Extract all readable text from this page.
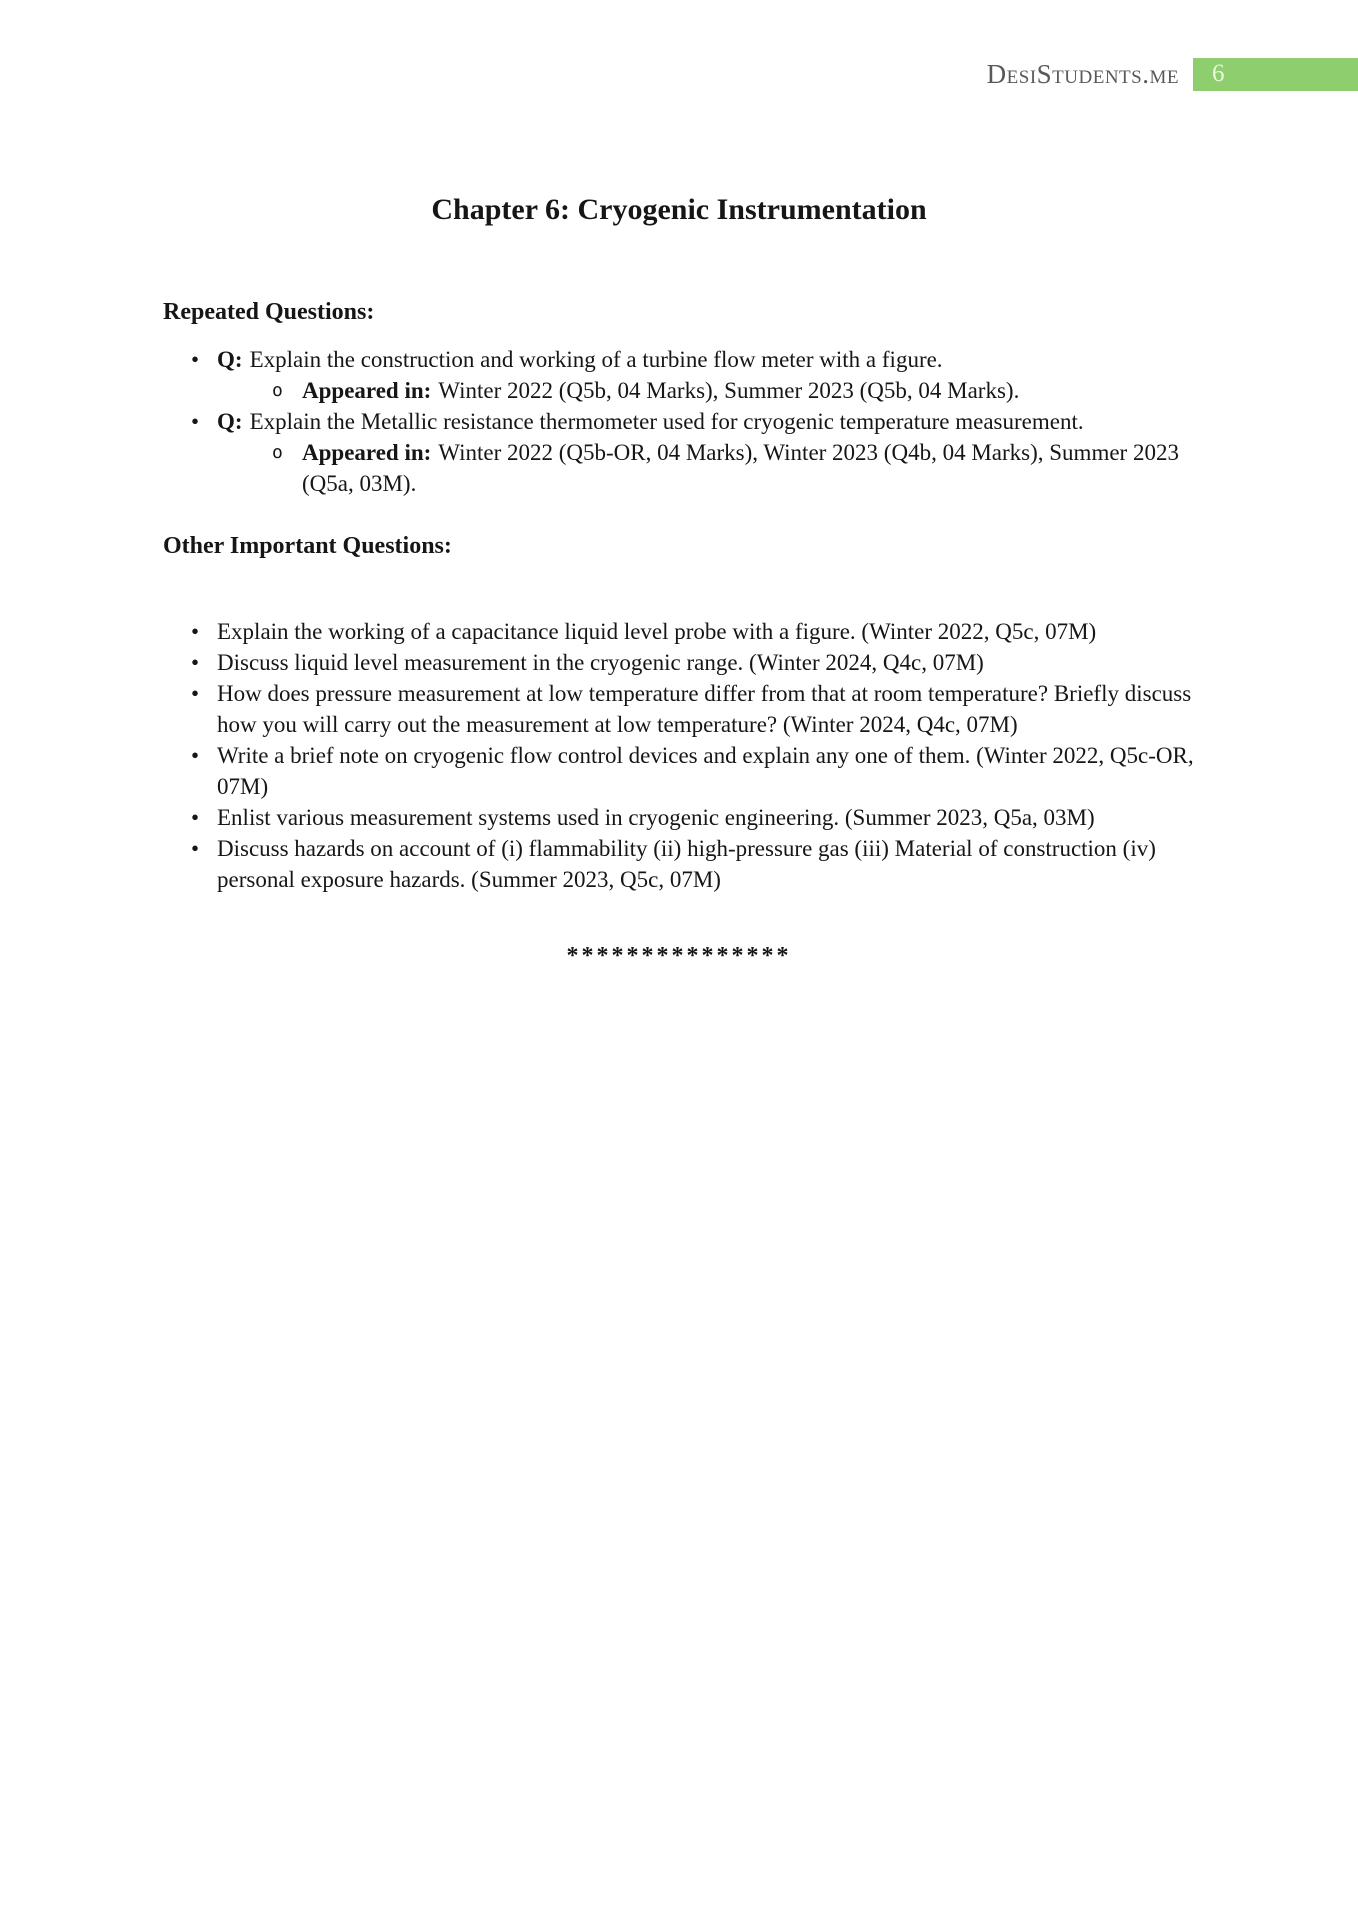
DesiStudents.me 6
Chapter 6: Cryogenic Instrumentation
Repeated Questions:
• Q: Explain the construction and working of a turbine flow meter with a figure.
o Appeared in: Winter 2022 (Q5b, 04 Marks), Summer 2023 (Q5b, 04 Marks).
• Q: Explain the Metallic resistance thermometer used for cryogenic temperature measurement.
o Appeared in: Winter 2022 (Q5b-OR, 04 Marks), Winter 2023 (Q4b, 04 Marks), Summer 2023 (Q5a, 03M).
Other Important Questions:
• Explain the working of a capacitance liquid level probe with a figure. (Winter 2022, Q5c, 07M)
• Discuss liquid level measurement in the cryogenic range. (Winter 2024, Q4c, 07M)
• How does pressure measurement at low temperature differ from that at room temperature? Briefly discuss how you will carry out the measurement at low temperature? (Winter 2024, Q4c, 07M)
• Write a brief note on cryogenic flow control devices and explain any one of them. (Winter 2022, Q5c-OR, 07M)
• Enlist various measurement systems used in cryogenic engineering. (Summer 2023, Q5a, 03M)
• Discuss hazards on account of (i) flammability (ii) high-pressure gas (iii) Material of construction (iv) personal exposure hazards. (Summer 2023, Q5c, 07M)
***************
